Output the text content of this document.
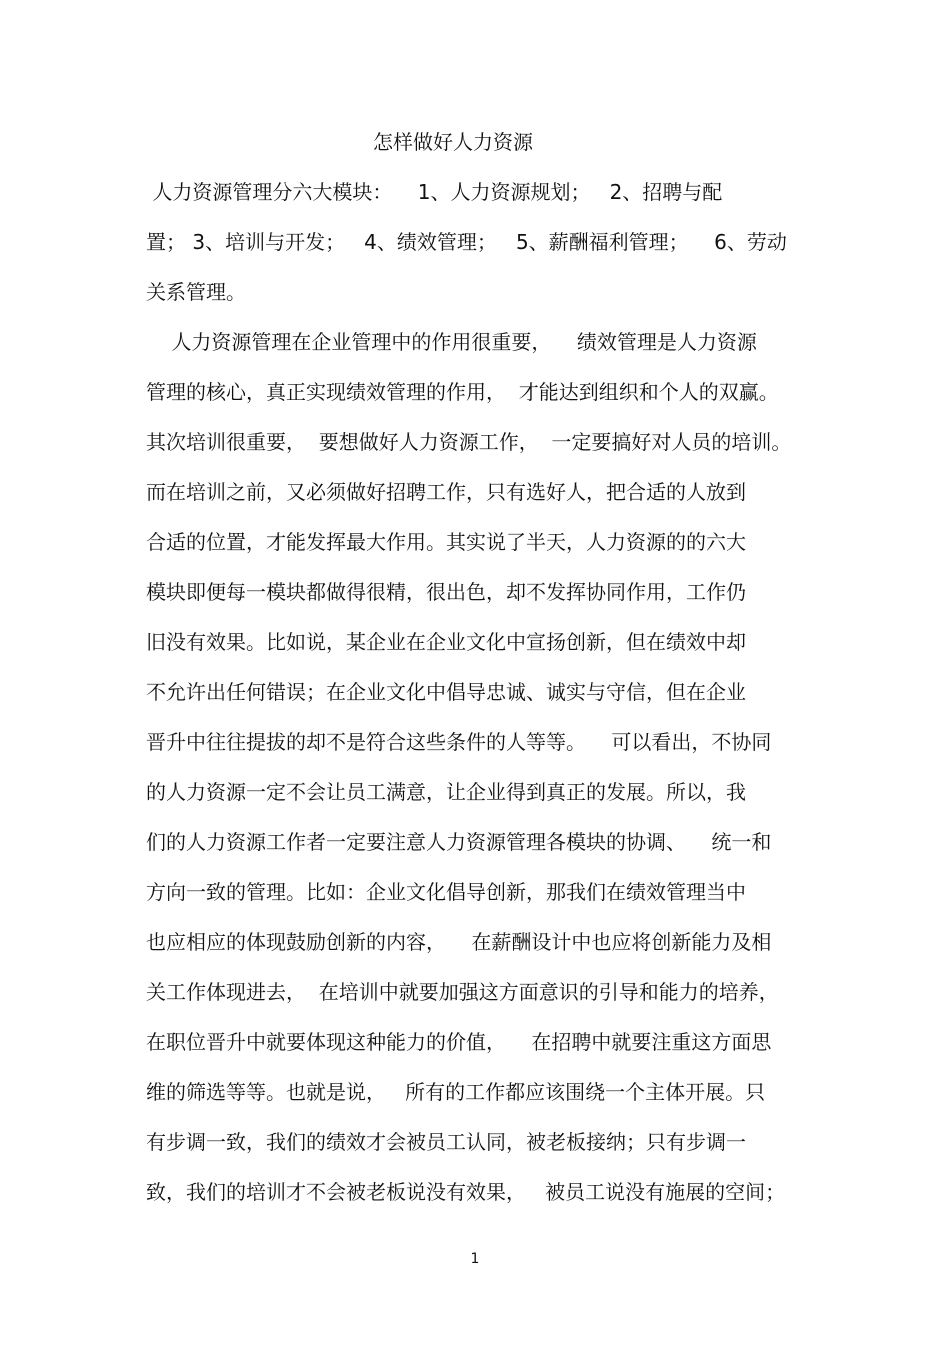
怎样做好人力资源
人力资源管理分六大模块：    1、人力资源规划；   2、招聘与配
置； 3、培训与开发；   4、绩效管理；   5、薪酬福利管理；    6、劳动
关系管理。
人力资源管理在企业管理中的作用很重要，    绩效管理是人力资源
管理的核心，真正实现绩效管理的作用，  才能达到组织和个人的双赢。
其次培训很重要，  要想做好人力资源工作，  一定要搞好对人员的培训。
而在培训之前，又必须做好招聘工作，只有选好人，把合适的人放到
合适的位置，才能发挥最大作用。其实说了半天，人力资源的的六大
模块即便每一模块都做得很精，很出色，却不发挥协同作用，工作仍
旧没有效果。比如说，某企业在企业文化中宣扬创新，但在绩效中却
不允许出任何错误；在企业文化中倡导忠诚、诚实与守信，但在企业
晋升中往往提拔的却不是符合这些条件的人等等。    可以看出，不协同
的人力资源一定不会让员工满意，让企业得到真正的发展。所以，我
们的人力资源工作者一定要注意人力资源管理各模块的协调、    统一和
方向一致的管理。比如：企业文化倡导创新，那我们在绩效管理当中
也应相应的体现鼓励创新的内容，    在薪酬设计中也应将创新能力及相
关工作体现进去，  在培训中就要加强这方面意识的引导和能力的培养，
在职位晋升中就要体现这种能力的价值，    在招聘中就要注重这方面思
维的筛选等等。也就是说，   所有的工作都应该围绕一个主体开展。只
有步调一致，我们的绩效才会被员工认同，被老板接纳；只有步调一
致，我们的培训才不会被老板说没有效果，   被员工说没有施展的空间；
1
